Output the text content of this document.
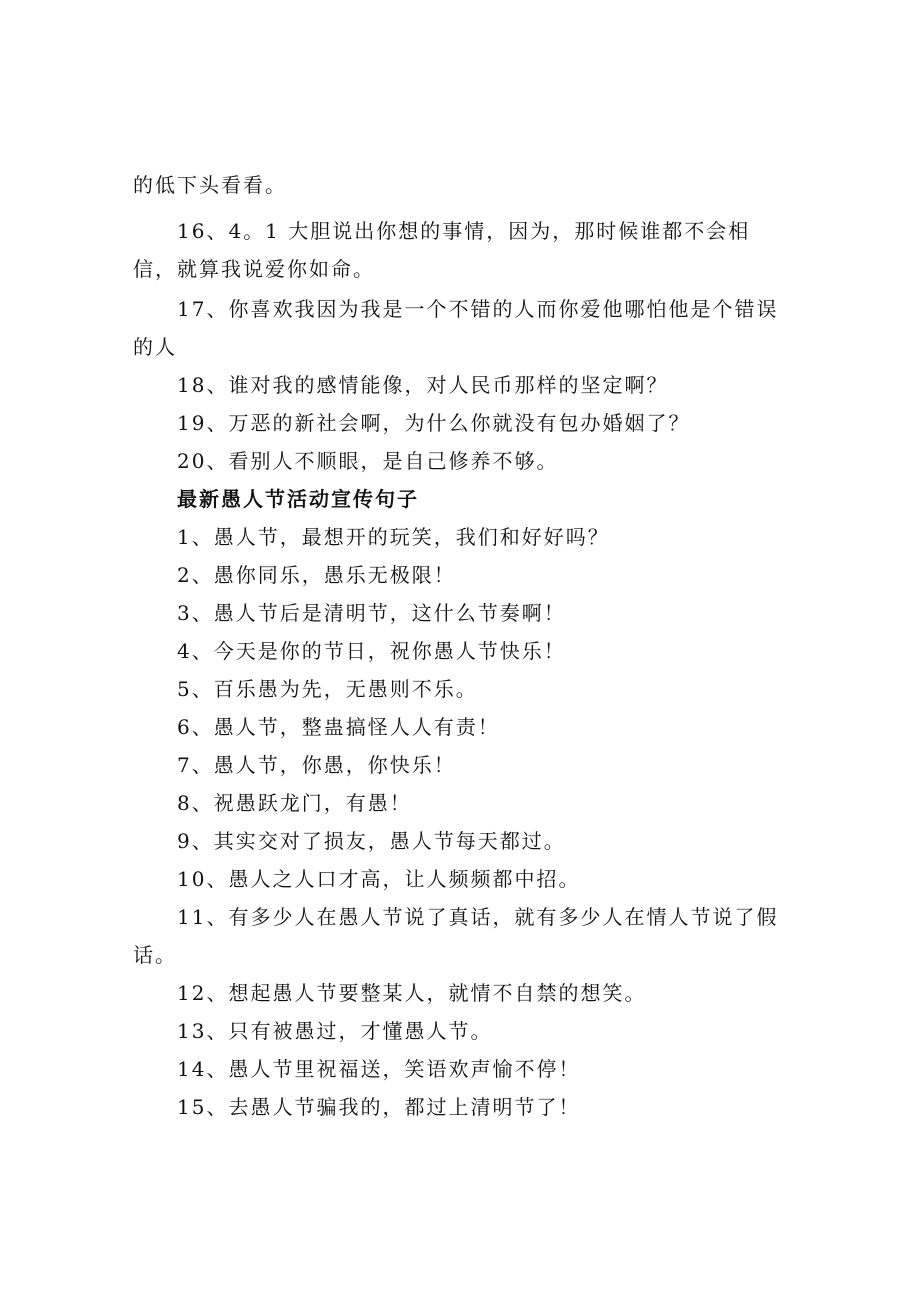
的低下头看看。
16、4。1 大胆说出你想的事情，因为，那时候谁都不会相信，就算我说爱你如命。
17、你喜欢我因为我是一个不错的人而你爱他哪怕他是个错误的人
18、谁对我的感情能像，对人民币那样的坚定啊？
19、万恶的新社会啊，为什么你就没有包办婚姻了？
20、看别人不顺眼，是自己修养不够。
最新愚人节活动宣传句子
1、愚人节，最想开的玩笑，我们和好好吗？
2、愚你同乐，愚乐无极限！
3、愚人节后是清明节，这什么节奏啊！
4、今天是你的节日，祝你愚人节快乐！
5、百乐愚为先，无愚则不乐。
6、愚人节，整蛊搞怪人人有责！
7、愚人节，你愚，你快乐！
8、祝愚跃龙门，有愚！
9、其实交对了损友，愚人节每天都过。
10、愚人之人口才高，让人频频都中招。
11、有多少人在愚人节说了真话，就有多少人在情人节说了假话。
12、想起愚人节要整某人，就情不自禁的想笑。
13、只有被愚过，才懂愚人节。
14、愚人节里祝福送，笑语欢声愉不停！
15、去愚人节骗我的，都过上清明节了！
